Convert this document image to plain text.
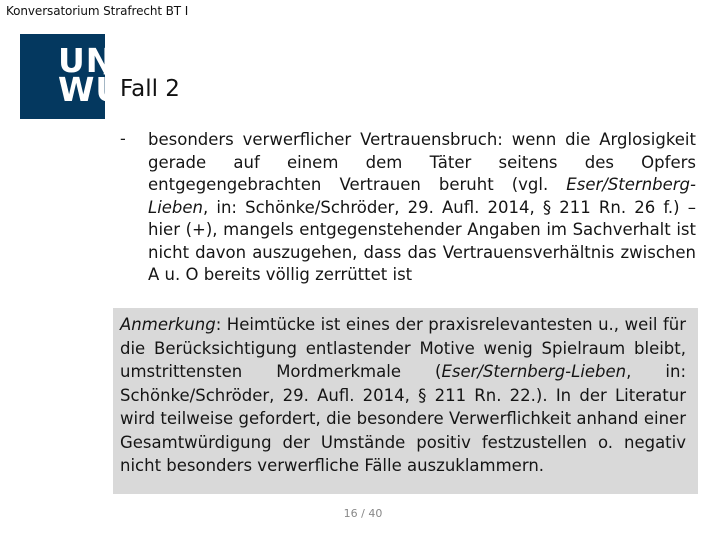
Konversatorium Strafrecht BT I
UNI
WÜ
Fall 2
- besonders verwerflicher Vertrauensbruch: wenn die Arglosigkeit gerade auf einem dem Täter seitens des Opfers entgegengebrachten Vertrauen beruht (vgl. Eser/Sternberg-Lieben, in: Schönke/Schröder, 29. Aufl. 2014, § 211 Rn. 26 f.) – hier (+), mangels entgegenstehender Angaben im Sachverhalt ist nicht davon auszugehen, dass das Vertrauensverhältnis zwischen A u. O bereits völlig zerrüttet ist
Anmerkung: Heimtücke ist eines der praxisrelevantesten u., weil für die Berücksichtigung entlastender Motive wenig Spielraum bleibt, umstrittensten Mordmerkmale (Eser/Sternberg-Lieben, in: Schönke/Schröder, 29. Aufl. 2014, § 211 Rn. 22.). In der Literatur wird teilweise gefordert, die besondere Verwerflichkeit anhand einer Gesamtwürdigung der Umstände positiv festzustellen o. negativ nicht besonders verwerfliche Fälle auszuklammern.
16 / 40
